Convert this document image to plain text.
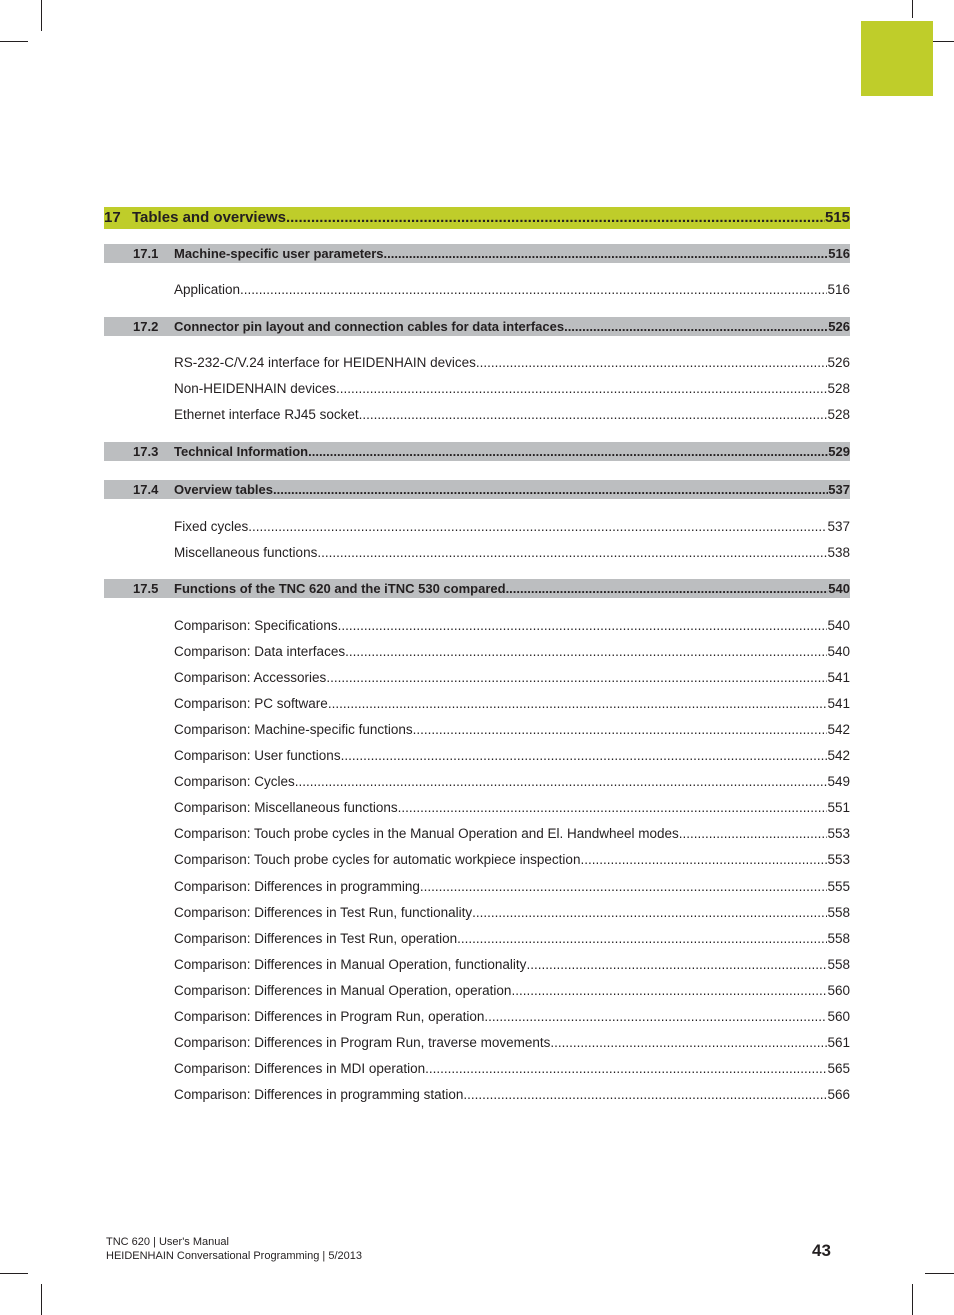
17 Tables and overviews .....	515
17.1	Machine-specific user parameters .....	516
Application .....	516
17.2	Connector pin layout and connection cables for data interfaces .....	526
RS-232-C/V.24 interface for HEIDENHAIN devices .....	526
Non-HEIDENHAIN devices .....	528
Ethernet interface RJ45 socket .....	528
17.3	Technical Information .....	529
17.4	Overview tables .....	537
Fixed cycles .....	537
Miscellaneous functions .....	538
17.5	Functions of the TNC 620 and the iTNC 530 compared .....	540
Comparison: Specifications .....	540
Comparison: Data interfaces .....	540
Comparison: Accessories .....	541
Comparison: PC software .....	541
Comparison: Machine-specific functions .....	542
Comparison: User functions .....	542
Comparison: Cycles .....	549
Comparison: Miscellaneous functions .....	551
Comparison: Touch probe cycles in the Manual Operation and El. Handwheel modes .....	553
Comparison: Touch probe cycles for automatic workpiece inspection .....	553
Comparison: Differences in programming .....	555
Comparison: Differences in Test Run, functionality .....	558
Comparison: Differences in Test Run, operation .....	558
Comparison: Differences in Manual Operation, functionality .....	558
Comparison: Differences in Manual Operation, operation .....	560
Comparison: Differences in Program Run, operation .....	560
Comparison: Differences in Program Run, traverse movements .....	561
Comparison: Differences in MDI operation .....	565
Comparison: Differences in programming station .....	566
TNC 620 | User's Manual
HEIDENHAIN Conversational Programming | 5/2013	43
